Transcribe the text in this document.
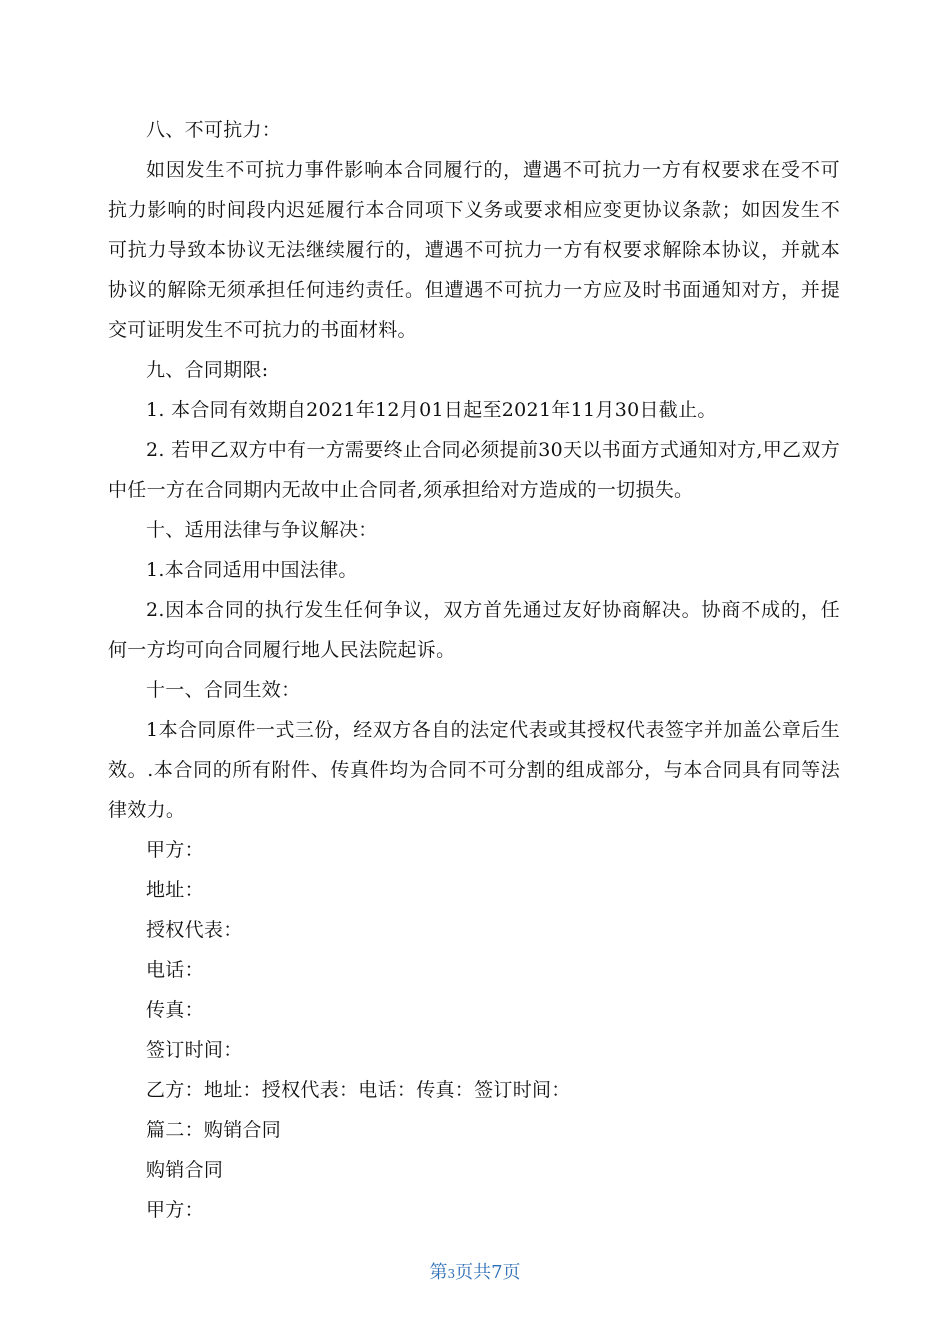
八、不可抗力：

如因发生不可抗力事件影响本合同履行的，遭遇不可抗力一方有权要求在受不可抗力影响的时间段内迟延履行本合同项下义务或要求相应变更协议条款；如因发生不可抗力导致本协议无法继续履行的，遭遇不可抗力一方有权要求解除本协议，并就本协议的解除无须承担任何违约责任。但遭遇不可抗力一方应及时书面通知对方，并提交可证明发生不可抗力的书面材料。

九、合同期限:

1. 本合同有效期自2021年12月01日起至2021年11月30日截止。

2. 若甲乙双方中有一方需要终止合同必须提前30天以书面方式通知对方,甲乙双方中任一方在合同期内无故中止合同者,须承担给对方造成的一切损失。

十、适用法律与争议解决：

1.本合同适用中国法律。

2.因本合同的执行发生任何争议，双方首先通过友好协商解决。协商不成的，任何一方均可向合同履行地人民法院起诉。

十一、合同生效：

1本合同原件一式三份，经双方各自的法定代表或其授权代表签字并加盖公章后生效。.本合同的所有附件、传真件均为合同不可分割的组成部分，与本合同具有同等法律效力。

甲方：

地址：

授权代表：

电话：

传真：

签订时间：

乙方：地址：授权代表：电话：传真：签订时间：

篇二：购销合同

购销合同

甲方：

第3页共7页
